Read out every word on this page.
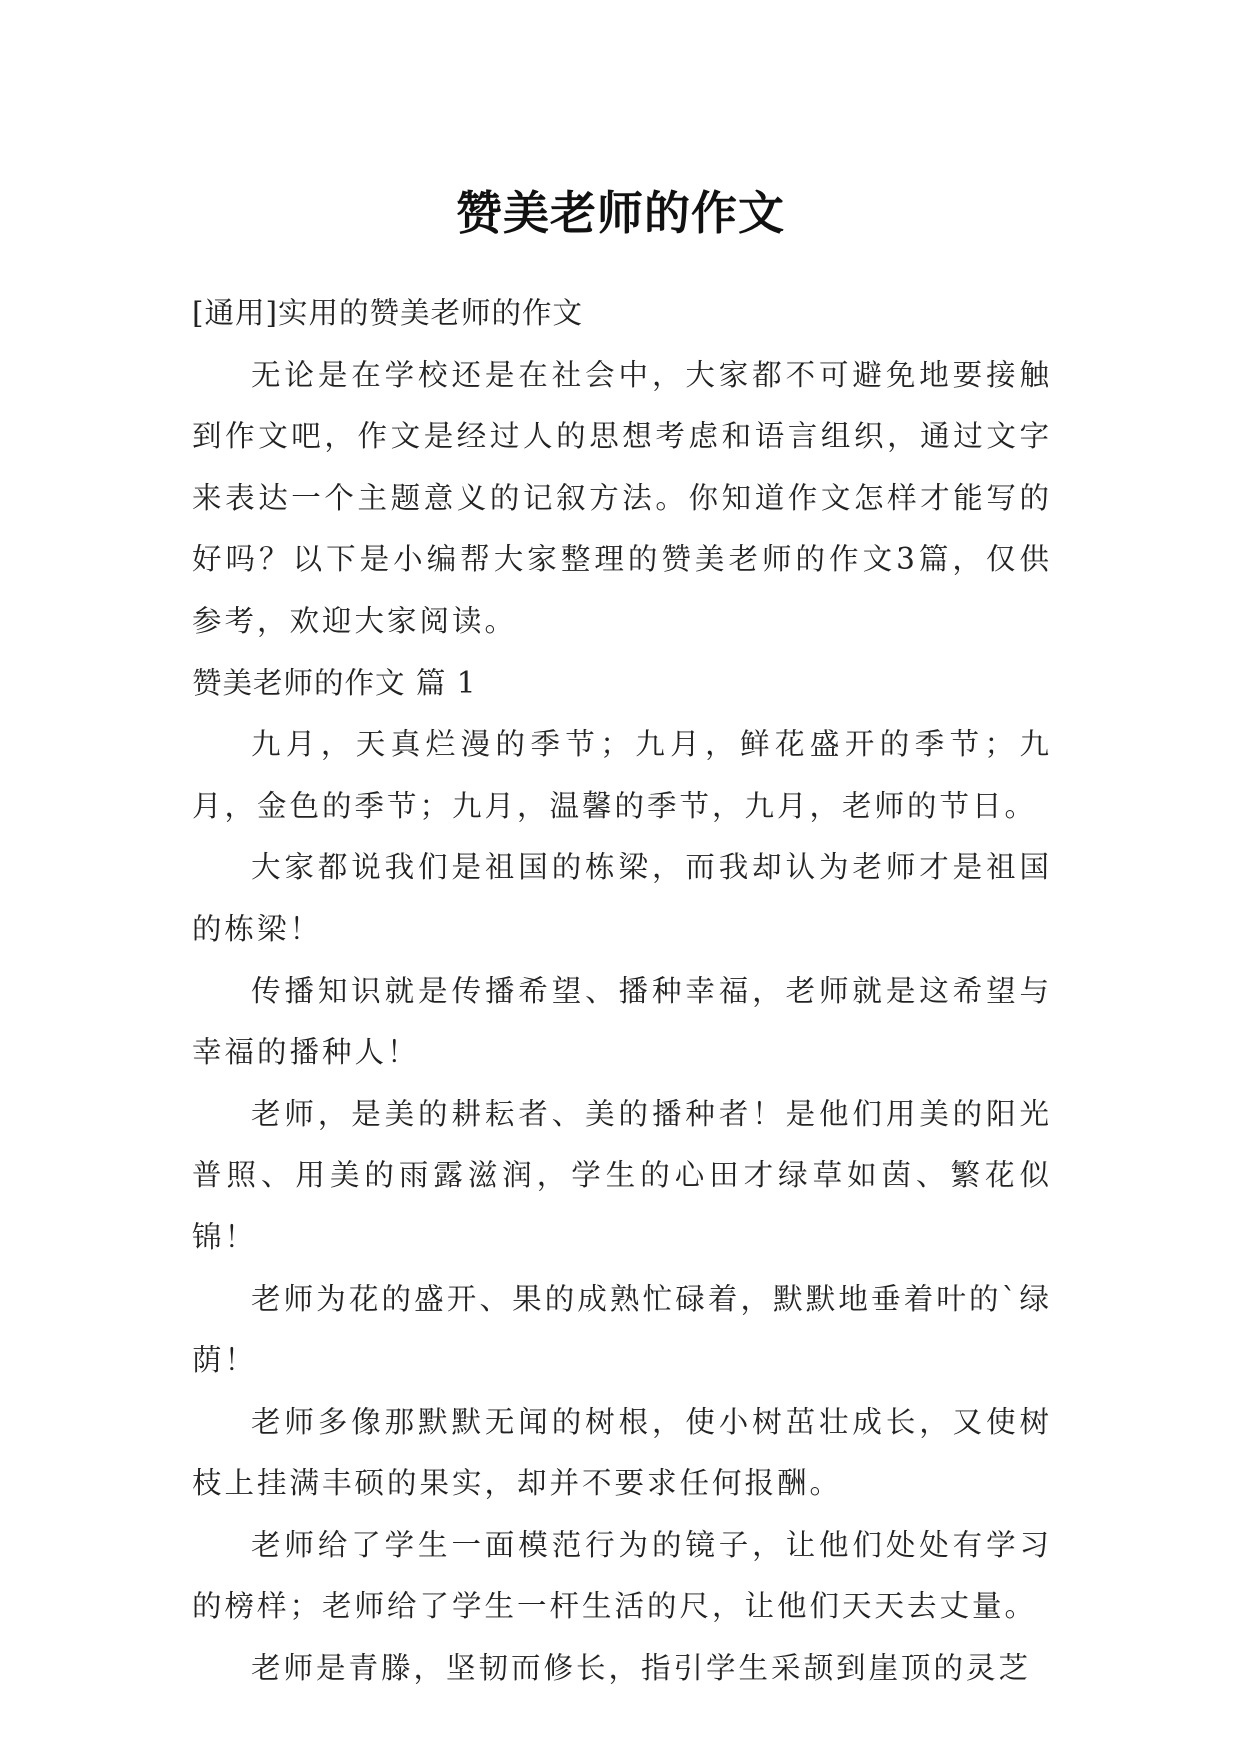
赞美老师的作文

[通用]实用的赞美老师的作文

无论是在学校还是在社会中，大家都不可避免地要接触到作文吧，作文是经过人的思想考虑和语言组织，通过文字来表达一个主题意义的记叙方法。你知道作文怎样才能写的好吗？以下是小编帮大家整理的赞美老师的作文3篇，仅供参考，欢迎大家阅读。

赞美老师的作文 篇 1

九月，天真烂漫的季节；九月，鲜花盛开的季节；九月，金色的季节；九月，温馨的季节，九月，老师的节日。

大家都说我们是祖国的栋梁，而我却认为老师才是祖国的栋梁！

传播知识就是传播希望、播种幸福，老师就是这希望与幸福的播种人！

老师，是美的耕耘者、美的播种者！是他们用美的阳光普照、用美的雨露滋润，学生的心田才绿草如茵、繁花似锦！

老师为花的盛开、果的成熟忙碌着，默默地垂着叶的`绿荫！

老师多像那默默无闻的树根，使小树茁壮成长，又使树枝上挂满丰硕的果实，却并不要求任何报酬。

老师给了学生一面模范行为的镜子，让他们处处有学习的榜样；老师给了学生一杆生活的尺，让他们天天去丈量。

老师是青滕，坚韧而修长，指引学生采颉到崖顶的灵芝
